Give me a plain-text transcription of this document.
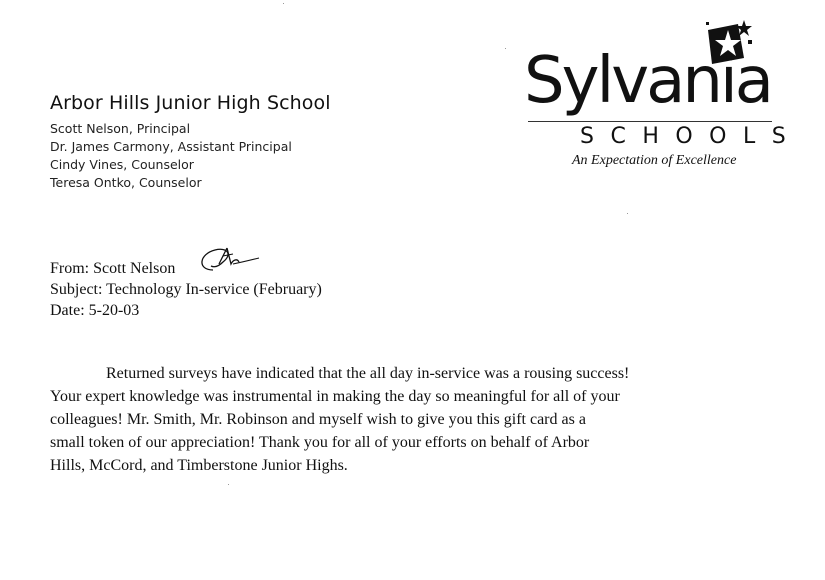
Arbor Hills Junior High School
Scott Nelson, Principal
Dr. James Carmony, Assistant Principal
Cindy Vines, Counselor
Teresa Ontko, Counselor
Sylvania
SCHOOLS
An Expectation of Excellence
From: Scott Nelson
Subject: Technology In-service (February)
Date: 5-20-03
Returned surveys have indicated that the all day in-service was a rousing success!
Your expert knowledge was instrumental in making the day so meaningful for all of your
colleagues! Mr. Smith, Mr. Robinson and myself wish to give you this gift card as a
small token of our appreciation! Thank you for all of your efforts on behalf of Arbor
Hills, McCord, and Timberstone Junior Highs.
